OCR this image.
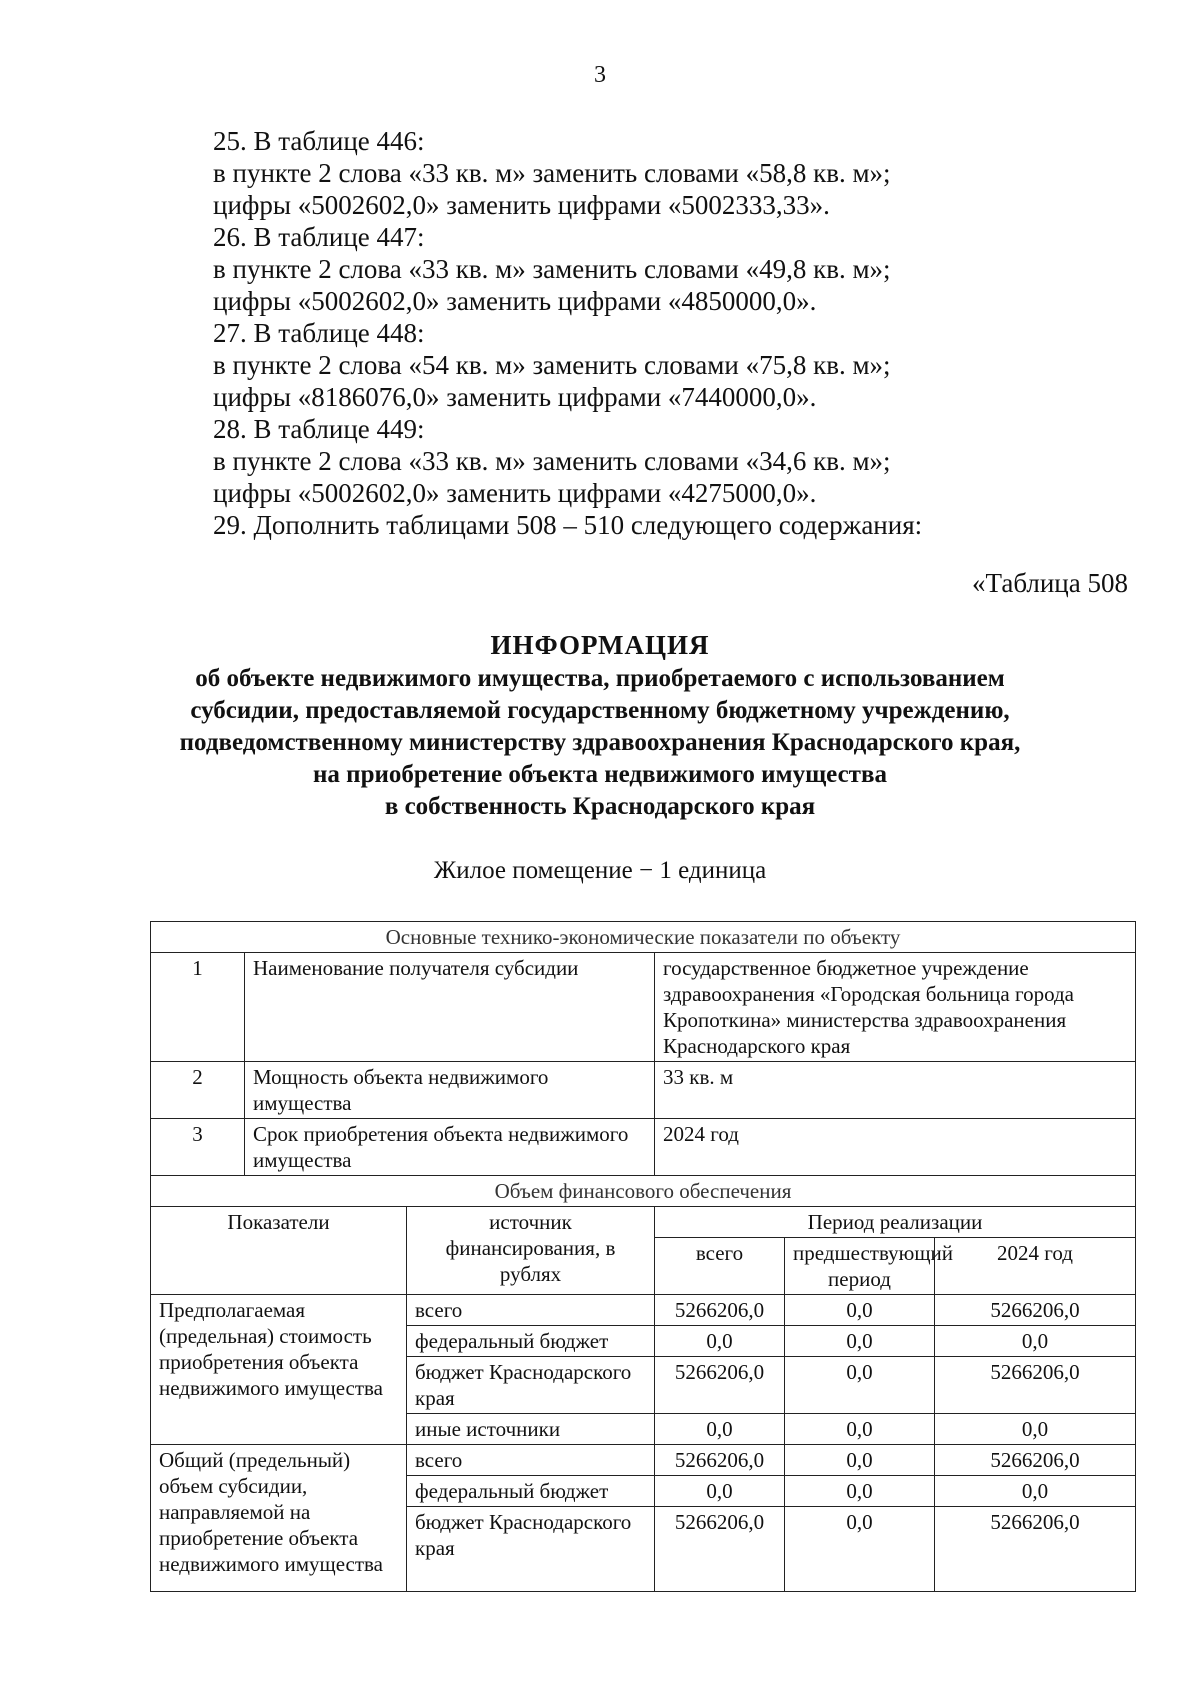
3

25. В таблице 446:

в пункте 2 слова «33 кв. м» заменить словами «58,8 кв. м»;

цифры «5002602,0» заменить цифрами «5002333,33».

26. В таблице 447:

в пункте 2 слова «33 кв. м» заменить словами «49,8 кв. м»;

цифры «5002602,0» заменить цифрами «4850000,0».

27. В таблице 448:

в пункте 2 слова «54 кв. м» заменить словами «75,8 кв. м»;

цифры «8186076,0» заменить цифрами «7440000,0».

28. В таблице 449:

в пункте 2 слова «33 кв. м» заменить словами «34,6 кв. м»;

цифры «5002602,0» заменить цифрами «4275000,0».

29. Дополнить таблицами 508 – 510 следующего содержания:

«Таблица 508
ИНФОРМАЦИЯ
об объекте недвижимого имущества, приобретаемого с использованием
субсидии, предоставляемой государственному бюджетному учреждению,
подведомственному министерству здравоохранения Краснодарского края,
на приобретение объекта недвижимого имущества
в собственность Краснодарского края
Жилое помещение − 1 единица
Основные технико-экономические показатели по объекту					
1	Наименование получателя субсидии		государственное бюджетное учреждение здравоохранения «Городская больница города Кропоткина» министерства здравоохранения Краснодарского края		
2	Мощность объекта недвижимого имущества		33 кв. м		
3	Срок приобретения объекта недвижимого имущества		2024 год		
Объем финансового обеспечения					
Показатели		источник финансирования, в рублях	Период реализации		
			всего	предшествующий период	2024 год
Предполагаемая (предельная) стоимость приобретения объекта недвижимого имущества		всего	5266206,0	0,0	5266206,0
		федеральный бюджет	0,0	0,0	0,0
		бюджет Краснодарского края	5266206,0	0,0	5266206,0
		иные источники	0,0	0,0	0,0
Общий (предельный) объем субсидии, направляемой на приобретение объекта недвижимого имущества		всего	5266206,0	0,0	5266206,0
		федеральный бюджет	0,0	0,0	0,0
		бюджет Краснодарского края	5266206,0	0,0	5266206,0
